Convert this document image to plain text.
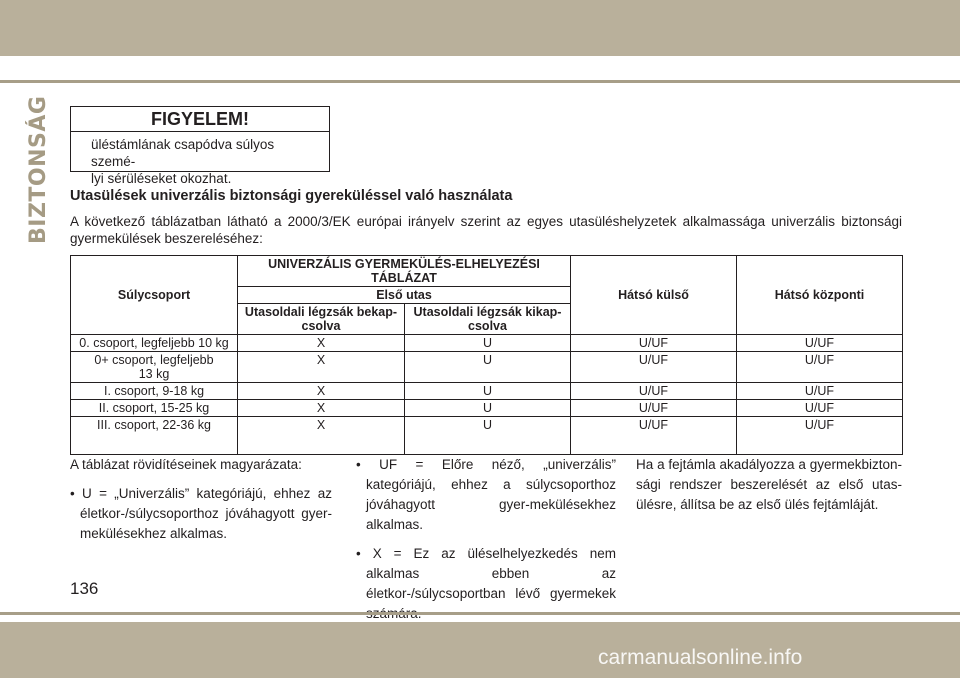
BIZTONSÁG	FIGYELEM!
üléstámlának csapódva súlyos szemé-
lyi sérüléseket okozhat.
Utasülések univerzális biztonsági gyereküléssel való használata
A következő táblázatban látható a 2000/3/EK európai irányelv szerint az egyes utasüléshelyzetek alkalmassága univerzális biztonsági gyermekülések beszereléséhez:
Súlycsoport	UNIVERZÁLIS GYERMEKÜLÉS-ELHELYEZÉSI TÁBLÁZAT		Hátsó külső	Hátsó központi
	Első utas			
	Utasoldali légzsák bekap-csolva	Utasoldali légzsák kikap-csolva		
0. csoport, legfeljebb 10 kg	X	U	U/UF	U/UF
0+ csoport, legfeljebb 13 kg	X	U	U/UF	U/UF
I. csoport, 9-18 kg	X	U	U/UF	U/UF
II. csoport, 15-25 kg	X	U	U/UF	U/UF
III. csoport, 22-36 kg	X	U	U/UF	U/UF

A táblázat rövidítéseinek magyarázata:

• U = „Univerzális” kategóriájú, ehhez az életkor-/súlycsoporthoz jóváhagyott gyer-mekülésekhez alkalmas.

• UF = Előre néző, „univerzális” kategóriájú, ehhez a súlycsoporthoz jóváhagyott gyer-mekülésekhez alkalmas.

• X = Ez az üléselhelyezkedés nem alkalmas ebben az életkor-/súlycsoportban lévő gyermekek

Ha a fejtámla akadályozza a gyermekbizton-sági rendszer beszerelését az első utas-ülésre, állítsa be az első ülés fejtámláját.

136
carmanualsonline.info
